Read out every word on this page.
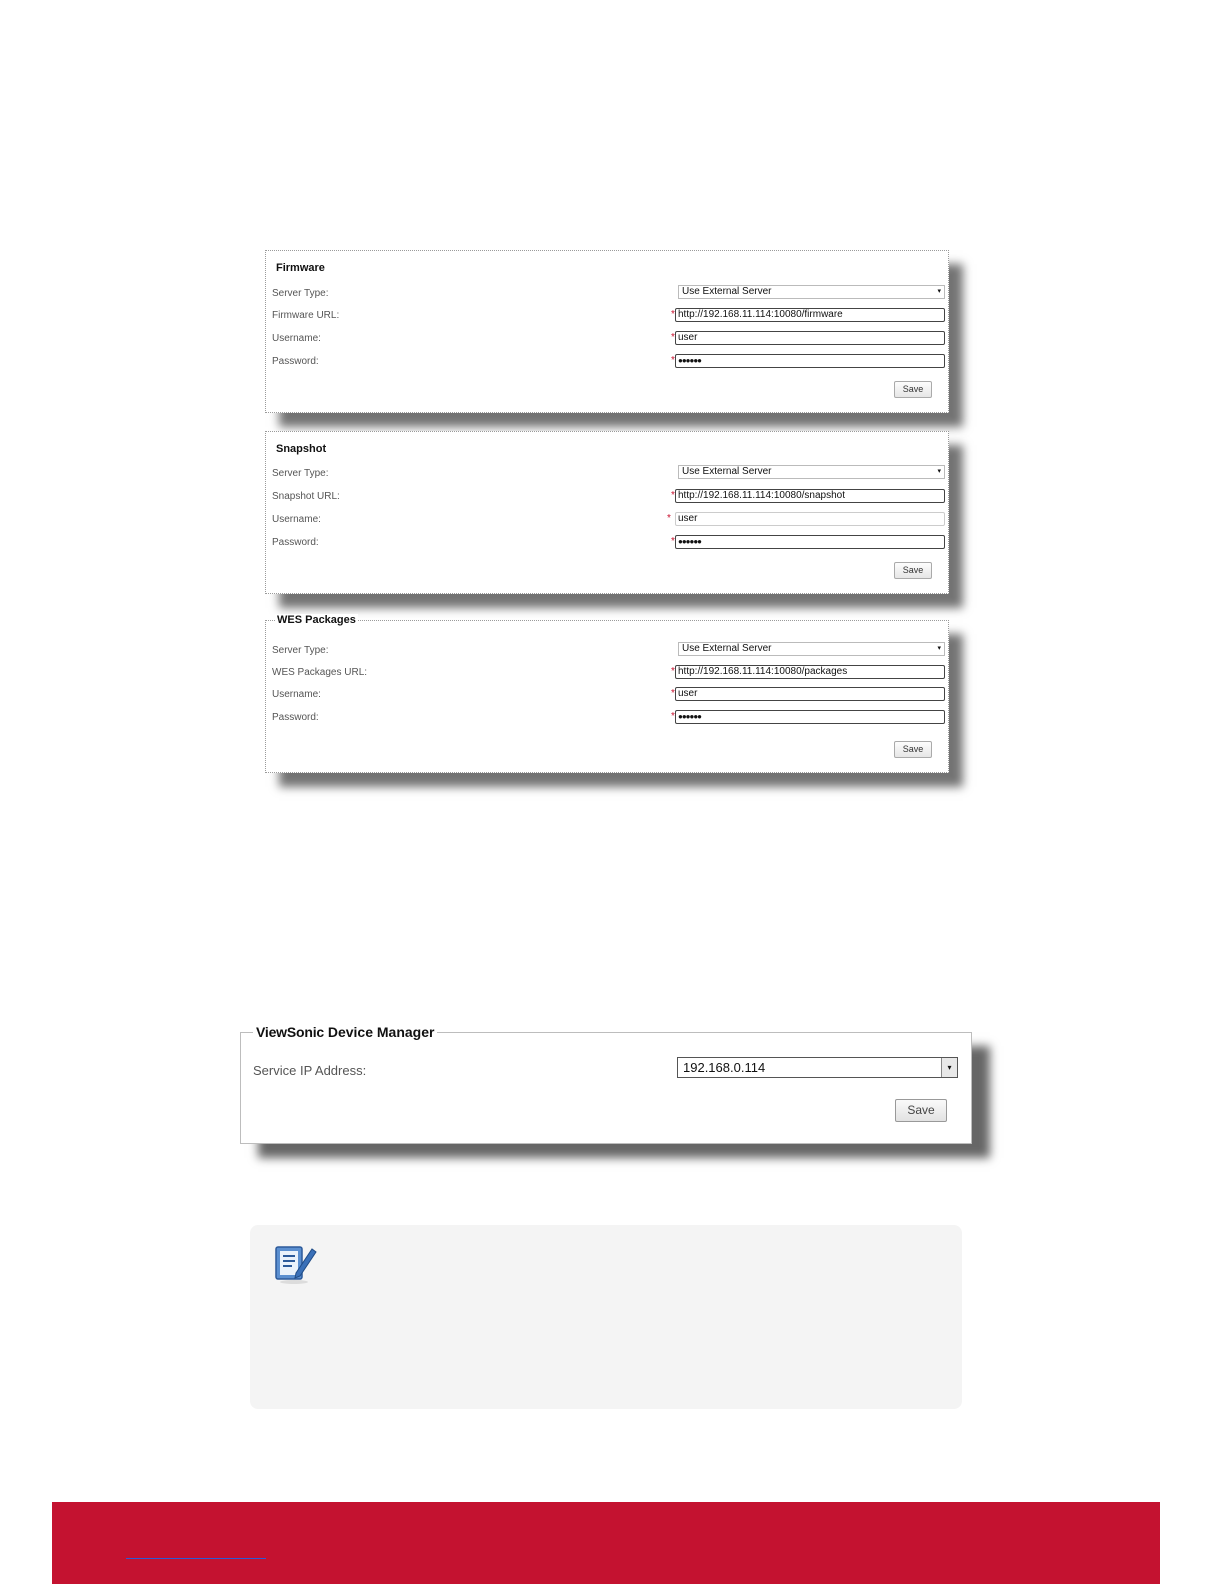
Firmware
Server Type:	Use External Server	▾
Firmware URL:	* http://192.168.11.114:10080/firmware
Username:	* user
Password:	* ●●●●●●
Save
Snapshot
Server Type:	Use External Server	▾
Snapshot URL:	* http://192.168.11.114:10080/snapshot
Username:	* user
Password:	* ●●●●●●
Save
WES Packages
Server Type:	Use External Server	▾
WES Packages URL:	* http://192.168.11.114:10080/packages
Username:	* user
Password:	* ●●●●●●
Save
ViewSonic Device Manager
Service IP Address:	192.168.0.114	▾
Save
